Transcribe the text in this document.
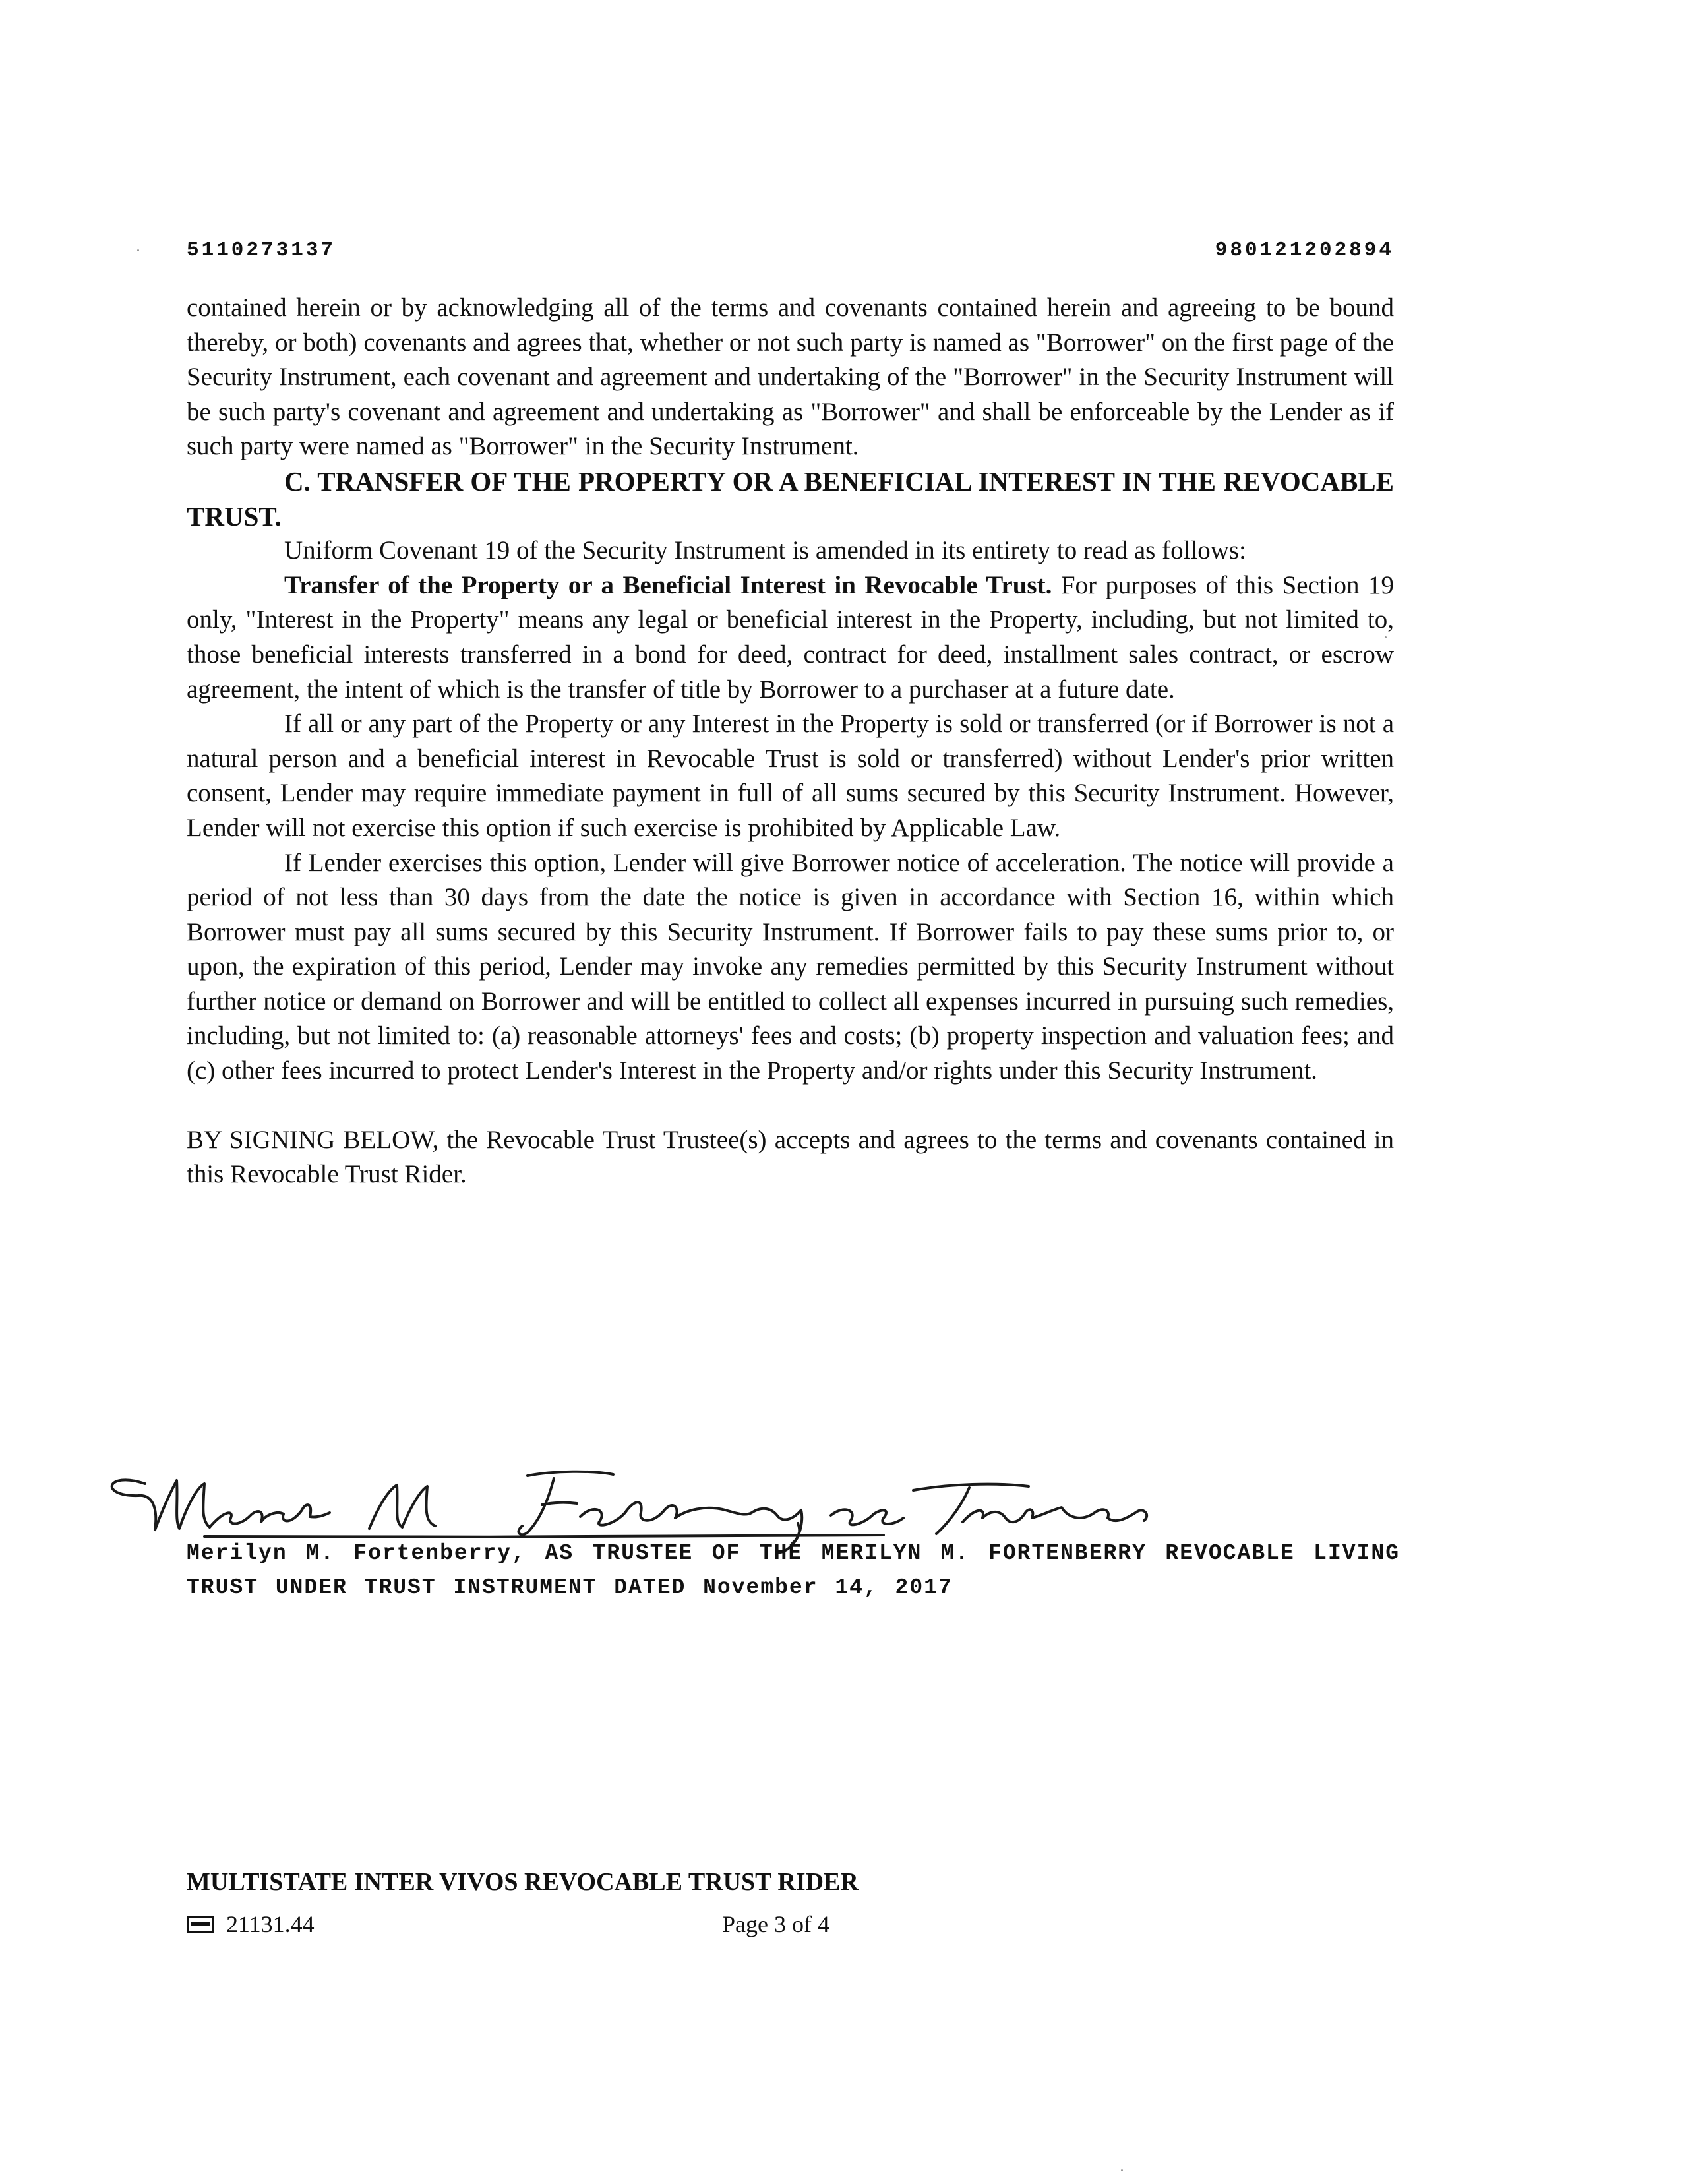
5110273137	980121202894

contained herein or by acknowledging all of the terms and covenants contained herein and agreeing to be bound thereby, or both) covenants and agrees that, whether or not such party is named as "Borrower" on the first page of the Security Instrument, each covenant and agreement and undertaking of the "Borrower" in the Security Instrument will be such party's covenant and agreement and undertaking as "Borrower" and shall be enforceable by the Lender as if such party were named as "Borrower" in the Security Instrument.

C. TRANSFER OF THE PROPERTY OR A BENEFICIAL INTEREST IN THE REVOCABLE TRUST.

Uniform Covenant 19 of the Security Instrument is amended in its entirety to read as follows:

Transfer of the Property or a Beneficial Interest in Revocable Trust. For purposes of this Section 19 only, "Interest in the Property" means any legal or beneficial interest in the Property, including, but not limited to, those beneficial interests transferred in a bond for deed, contract for deed, installment sales contract, or escrow agreement, the intent of which is the transfer of title by Borrower to a purchaser at a future date.

If all or any part of the Property or any Interest in the Property is sold or transferred (or if Borrower is not a natural person and a beneficial interest in Revocable Trust is sold or transferred) without Lender's prior written consent, Lender may require immediate payment in full of all sums secured by this Security Instrument. However, Lender will not exercise this option if such exercise is prohibited by Applicable Law.

If Lender exercises this option, Lender will give Borrower notice of acceleration. The notice will provide a period of not less than 30 days from the date the notice is given in accordance with Section 16, within which Borrower must pay all sums secured by this Security Instrument. If Borrower fails to pay these sums prior to, or upon, the expiration of this period, Lender may invoke any remedies permitted by this Security Instrument without further notice or demand on Borrower and will be entitled to collect all expenses incurred in pursuing such remedies, including, but not limited to: (a) reasonable attorneys' fees and costs; (b) property inspection and valuation fees; and (c) other fees incurred to protect Lender's Interest in the Property and/or rights under this Security Instrument.

BY SIGNING BELOW, the Revocable Trust Trustee(s) accepts and agrees to the terms and covenants contained in this Revocable Trust Rider.

Merilyn M. Fortenberry, AS TRUSTEE OF THE MERILYN M. FORTENBERRY REVOCABLE LIVING TRUST UNDER TRUST INSTRUMENT DATED November 14, 2017

MULTISTATE INTER VIVOS REVOCABLE TRUST RIDER
21131.44	Page 3 of 4
